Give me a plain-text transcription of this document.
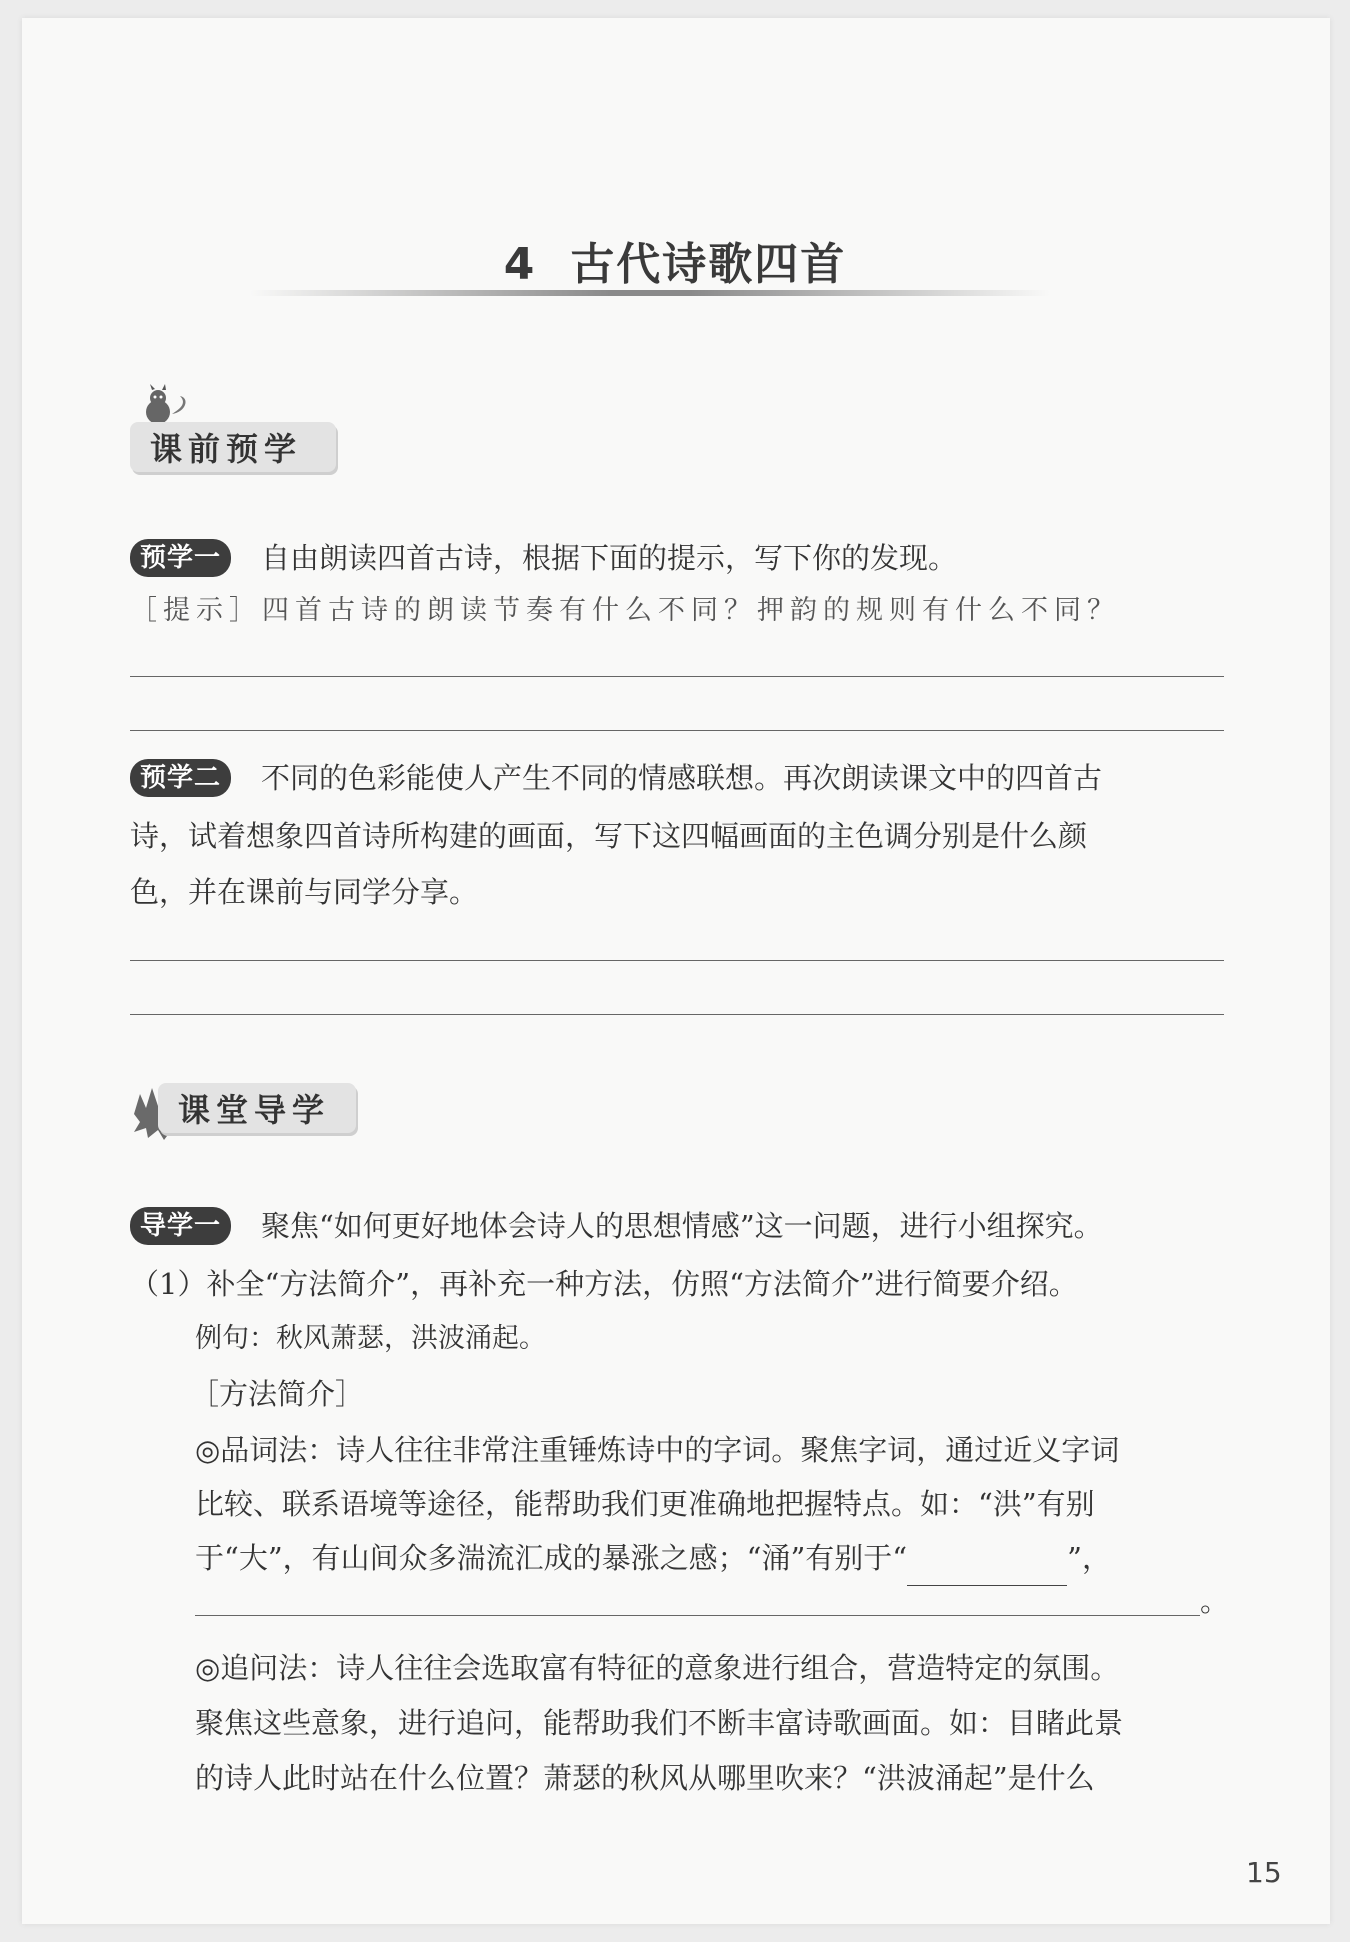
4 古代诗歌四首
课前预学
预学一	自由朗读四首古诗，根据下面的提示，写下你的发现。
［提示］四首古诗的朗读节奏有什么不同？押韵的规则有什么不同？
预学二	不同的色彩能使人产生不同的情感联想。再次朗读课文中的四首古
诗，试着想象四首诗所构建的画面，写下这四幅画面的主色调分别是什么颜
色，并在课前与同学分享。
课堂导学
导学一	聚焦“如何更好地体会诗人的思想情感”这一问题，进行小组探究。
（1）补全“方法简介”，再补充一种方法，仿照“方法简介”进行简要介绍。
例句：秋风萧瑟，洪波涌起。
［方法简介］
◎品词法：诗人往往非常注重锤炼诗中的字词。聚焦字词，通过近义字词
比较、联系语境等途径，能帮助我们更准确地把握特点。如：“洪”有别
于“大”，有山间众多湍流汇成的暴涨之感；“涌”有别于“	”，
。
◎追问法：诗人往往会选取富有特征的意象进行组合，营造特定的氛围。
聚焦这些意象，进行追问，能帮助我们不断丰富诗歌画面。如：目睹此景
的诗人此时站在什么位置？萧瑟的秋风从哪里吹来？“洪波涌起”是什么
15
